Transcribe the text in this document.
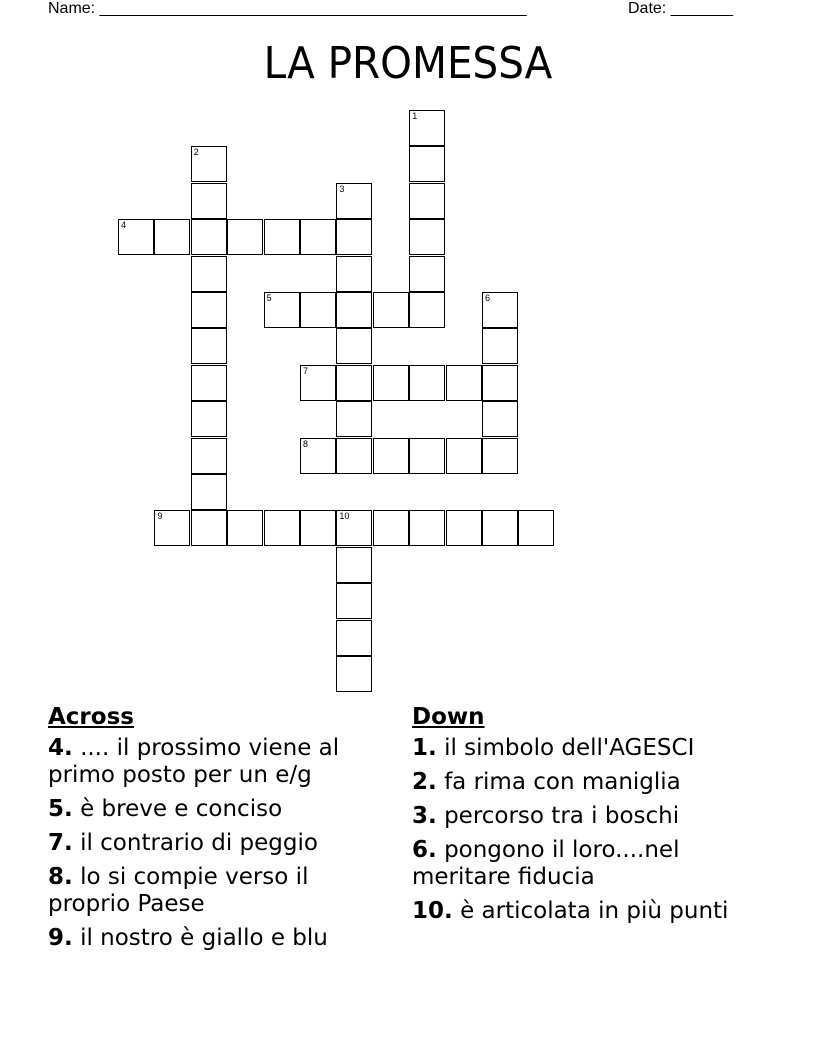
Name: ________________________________________________	Date: _______
LA PROMESSA
1
2
3
4
5	6
7
8
9	10
Across
4. .... il prossimo viene al primo posto per un e/g
5. è breve e conciso
7. il contrario di peggio
8. lo si compie verso il proprio Paese
9. il nostro è giallo e blu
Down
1. il simbolo dell'AGESCI
2. fa rima con maniglia
3. percorso tra i boschi
6. pongono il loro....nel meritare fiducia
10. è articolata in più punti
